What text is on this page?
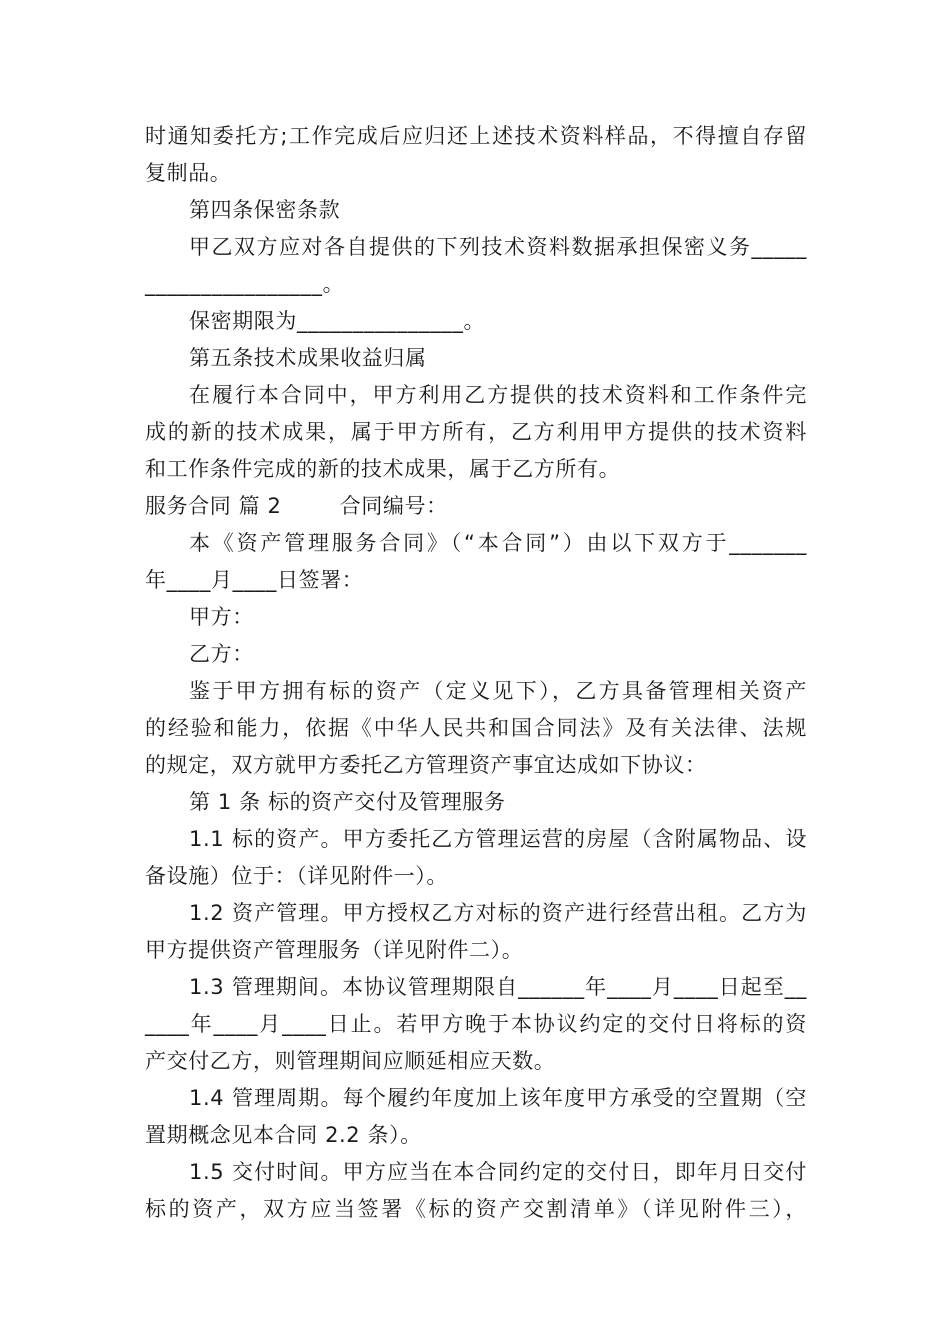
时通知委托方;工作完成后应归还上述技术资料样品，不得擅自存留
复制品。
第四条保密条款
甲乙双方应对各自提供的下列技术资料数据承担保密义务_____
________________。
保密期限为_______________。
第五条技术成果收益归属
在履行本合同中，甲方利用乙方提供的技术资料和工作条件完
成的新的技术成果，属于甲方所有，乙方利用甲方提供的技术资料
和工作条件完成的新的技术成果，属于乙方所有。
服务合同 篇 2        合同编号：
本《资产管理服务合同》（“本合同”）由以下双方于_______
年____月____日签署：
甲方：
乙方：
鉴于甲方拥有标的资产（定义见下），乙方具备管理相关资产
的经验和能力，依据《中华人民共和国合同法》及有关法律、法规
的规定，双方就甲方委托乙方管理资产事宜达成如下协议：
第 1 条 标的资产交付及管理服务
1.1 标的资产。甲方委托乙方管理运营的房屋（含附属物品、设
备设施）位于：（详见附件一）。
1.2 资产管理。甲方授权乙方对标的资产进行经营出租。乙方为
甲方提供资产管理服务（详见附件二）。
1.3 管理期间。本协议管理期限自______年____月____日起至__
____年____月____日止。若甲方晚于本协议约定的交付日将标的资
产交付乙方，则管理期间应顺延相应天数。
1.4 管理周期。每个履约年度加上该年度甲方承受的空置期（空
置期概念见本合同 2.2 条）。
1.5 交付时间。甲方应当在本合同约定的交付日，即年月日交付
标的资产，双方应当签署《标的资产交割清单》（详见附件三），
